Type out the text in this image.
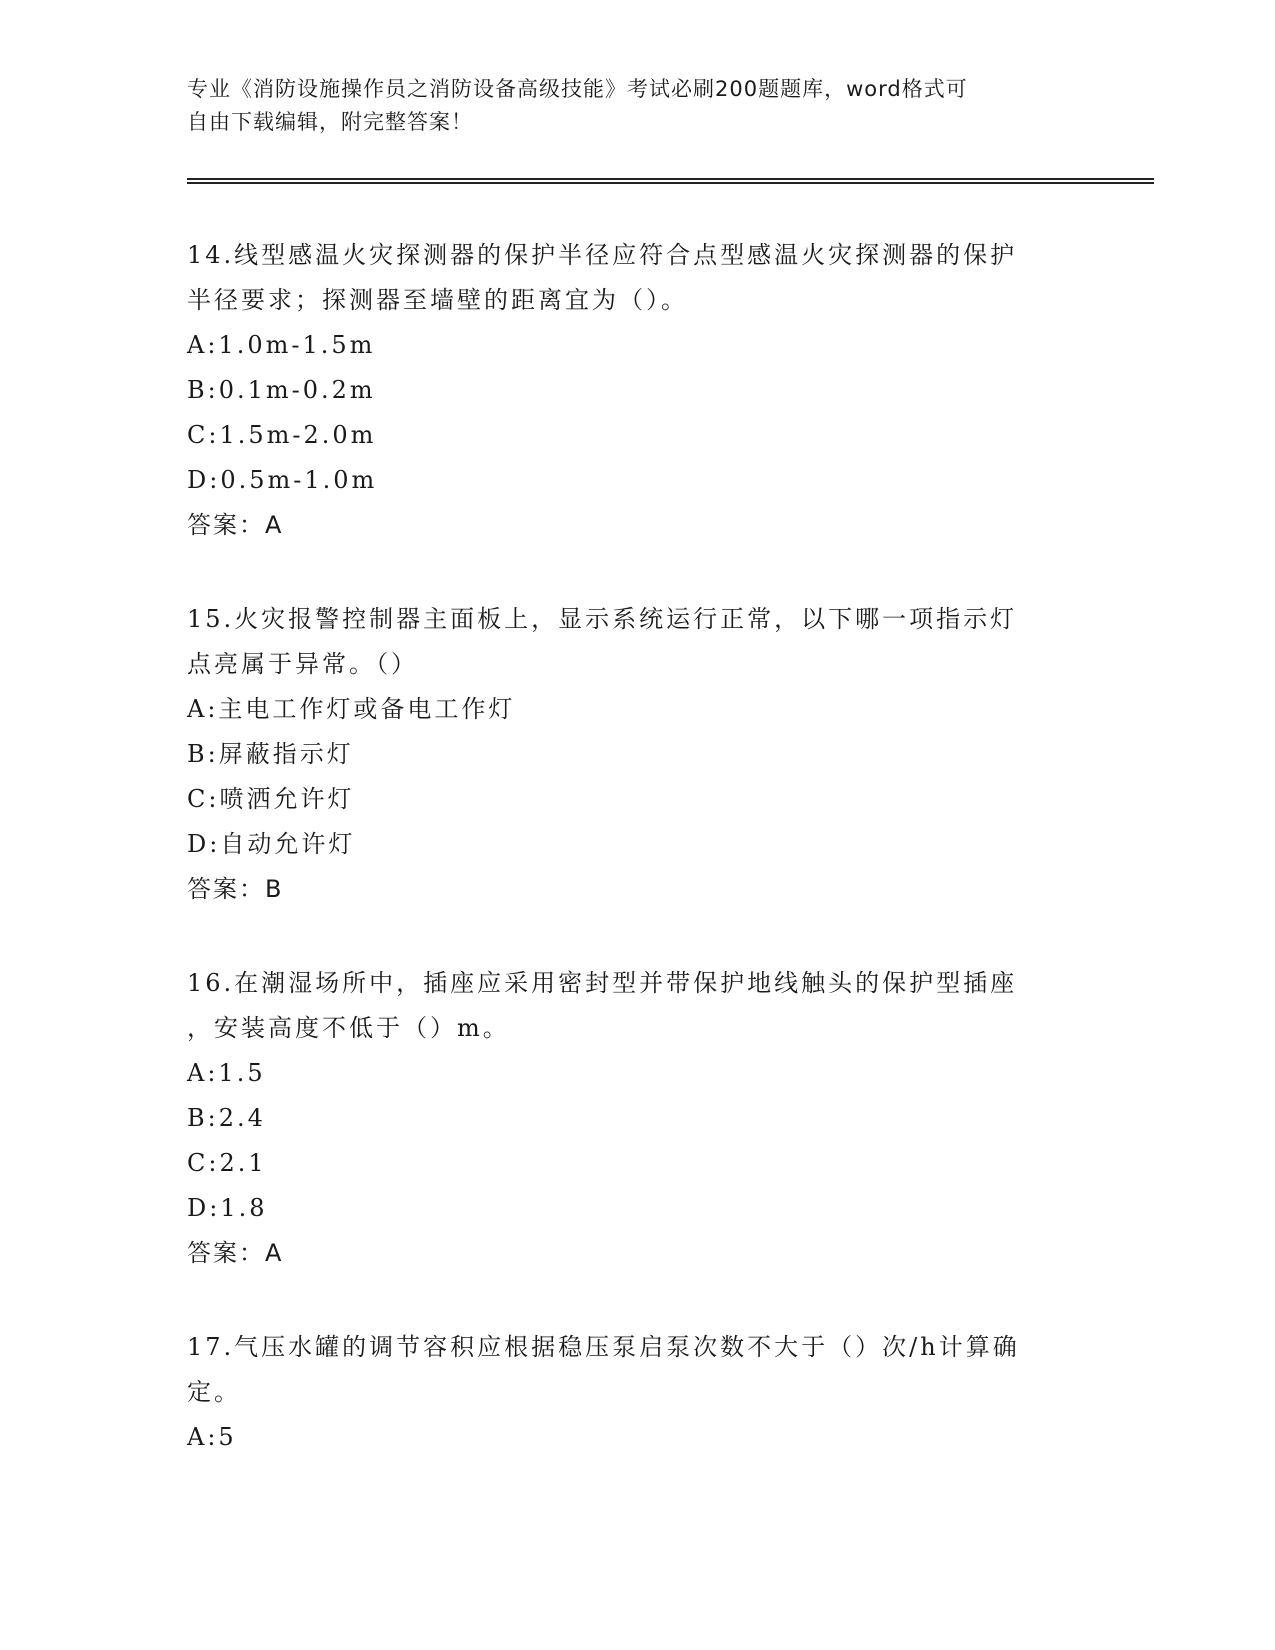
专业《消防设施操作员之消防设备高级技能》考试必刷200题题库，word格式可
自由下载编辑，附完整答案！

14.线型感温火灾探测器的保护半径应符合点型感温火灾探测器的保护

半径要求；探测器至墙壁的距离宜为（）。

A:1.0m-1.5m

B:0.1m-0.2m

C:1.5m-2.0m

D:0.5m-1.0m

答案：A

15.火灾报警控制器主面板上，显示系统运行正常，以下哪一项指示灯

点亮属于异常。（）

A:主电工作灯或备电工作灯

B:屏蔽指示灯

C:喷洒允许灯

D:自动允许灯

答案：B

16.在潮湿场所中，插座应采用密封型并带保护地线触头的保护型插座

，安装高度不低于（）m。

A:1.5

B:2.4

C:2.1

D:1.8

答案：A

17.气压水罐的调节容积应根据稳压泵启泵次数不大于（）次/h计算确

定。

A:5
